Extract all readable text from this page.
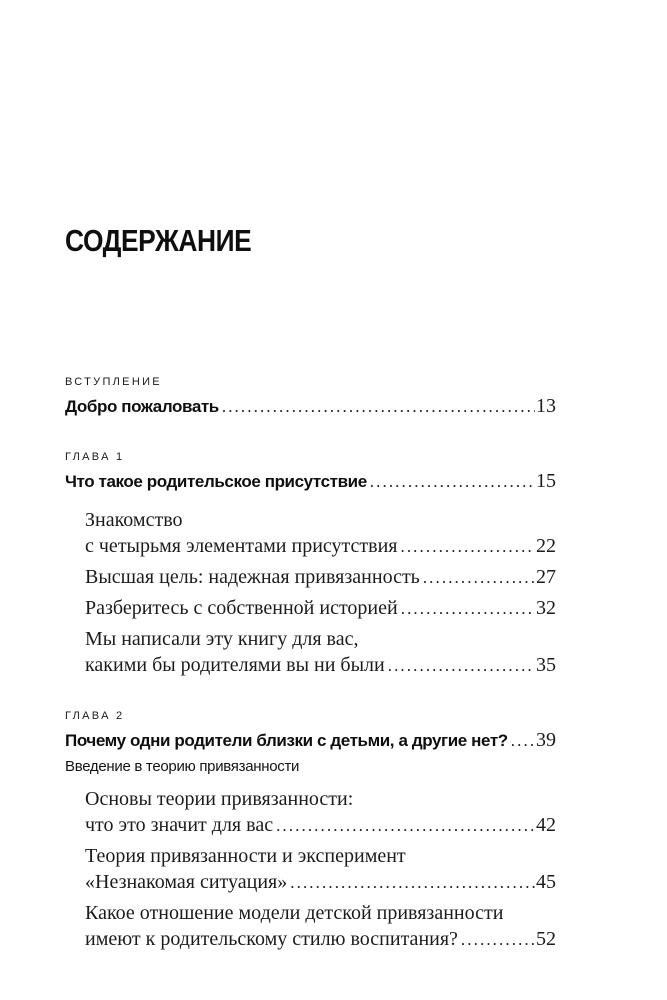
СОДЕРЖАНИЕ
ВСТУПЛЕНИЕ
Добро пожаловать .....	13
ГЛАВА 1
Что такое родительское присутствие .....	15
Знакомство
с четырьмя элементами присутствия .....	22
Высшая цель: надежная привязанность .....	27
Разберитесь с собственной историей .....	32
Мы написали эту книгу для вас,
какими бы родителями вы ни были .....	35
ГЛАВА 2
Почему одни родители близки с детьми, а другие нет? ..... 39
Введение в теорию привязанности
Основы теории привязанности:
что это значит для вас .....	42
Теория привязанности и эксперимент
«Незнакомая ситуация» .....	45
Какое отношение модели детской привязанности
имеют к родительскому стилю воспитания? .....	52
